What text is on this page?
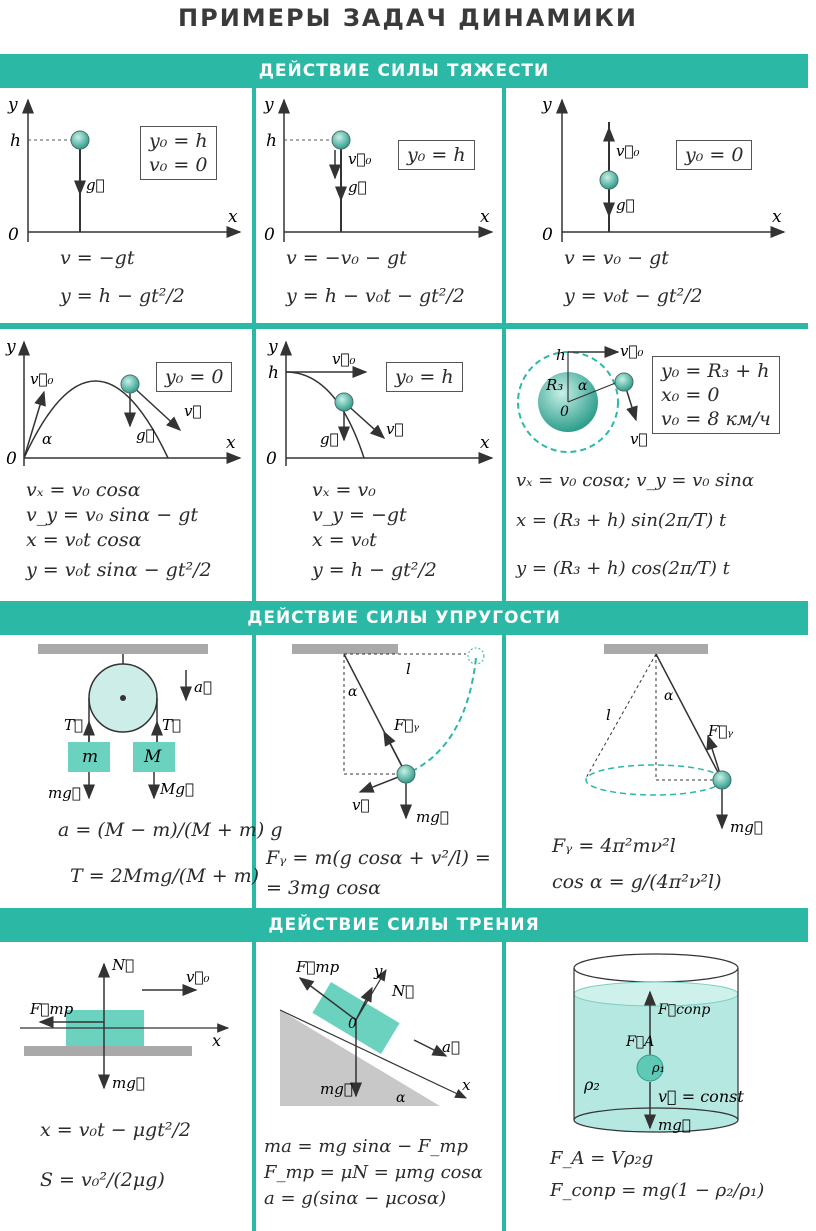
ПРИМЕРЫ ЗАДАЧ ДИНАМИКИ
ДЕЙСТВИЕ СИЛЫ ТЯЖЕСТИ
ДЕЙСТВИЕ СИЛЫ УПРУГОСТИ
ДЕЙСТВИЕ СИЛЫ ТРЕНИЯ
y
x
h
0
g⃗
y₀ = h
v₀ = 0
v = −gt
y = h − gt²/2
y
x
h
0
v⃗₀
g⃗
y₀ = h
v = −v₀ − gt
y = h − v₀t − gt²/2
y
x
0
v⃗₀
g⃗
y₀ = 0
v = v₀ − gt
y = v₀t − gt²/2
y
x
0
v⃗₀
α	g⃗
v⃗
y₀ = 0
vₓ = v₀ cosα
v_y = v₀ sinα − gt
x = v₀t cosα
y = v₀t sinα − gt²/2
y
x
0
h
v⃗₀
g⃗
v⃗
y₀ = h
vₓ = v₀
v_y = −gt
x = v₀t
y = h − gt²/2
h
R₃ α
0
v⃗₀
v⃗
y₀ = R₃ + h
x₀ = 0
v₀ = 8 км/ч
vₓ = v₀ cosα; v_y = v₀ sinα
x = (R₃ + h) sin(2π/T) t
y = (R₃ + h) cos(2π/T) t
m	M
T⃗	T⃗
mg⃗	Mg⃗
a⃗
a = (M − m)/(M + m) g
T = 2Mmg/(M + m)
l
α
F⃗ᵧ
mg⃗
v⃗
Fᵧ = m(g cosα + v²/l) =
= 3mg cosα
l
α
F⃗ᵧ
mg⃗
Fᵧ = 4π²mν²l
cos α = g/(4π²ν²l)
N⃗
v⃗₀
F⃗тр
x
mg⃗
x = v₀t − μgt²/2
S = v₀²/(2μg)
F⃗тр y
N⃗
0
a⃗
x
mg⃗	α
ma = mg sinα − F_тр
F_тр = μN = μmg cosα
a = g(sinα − μcosα)
F⃗сопр
F⃗A
ρ₁
ρ₂
v⃗ = const
mg⃗
F_A = Vρ₂g
F_сопр = mg(1 − ρ₂/ρ₁)
